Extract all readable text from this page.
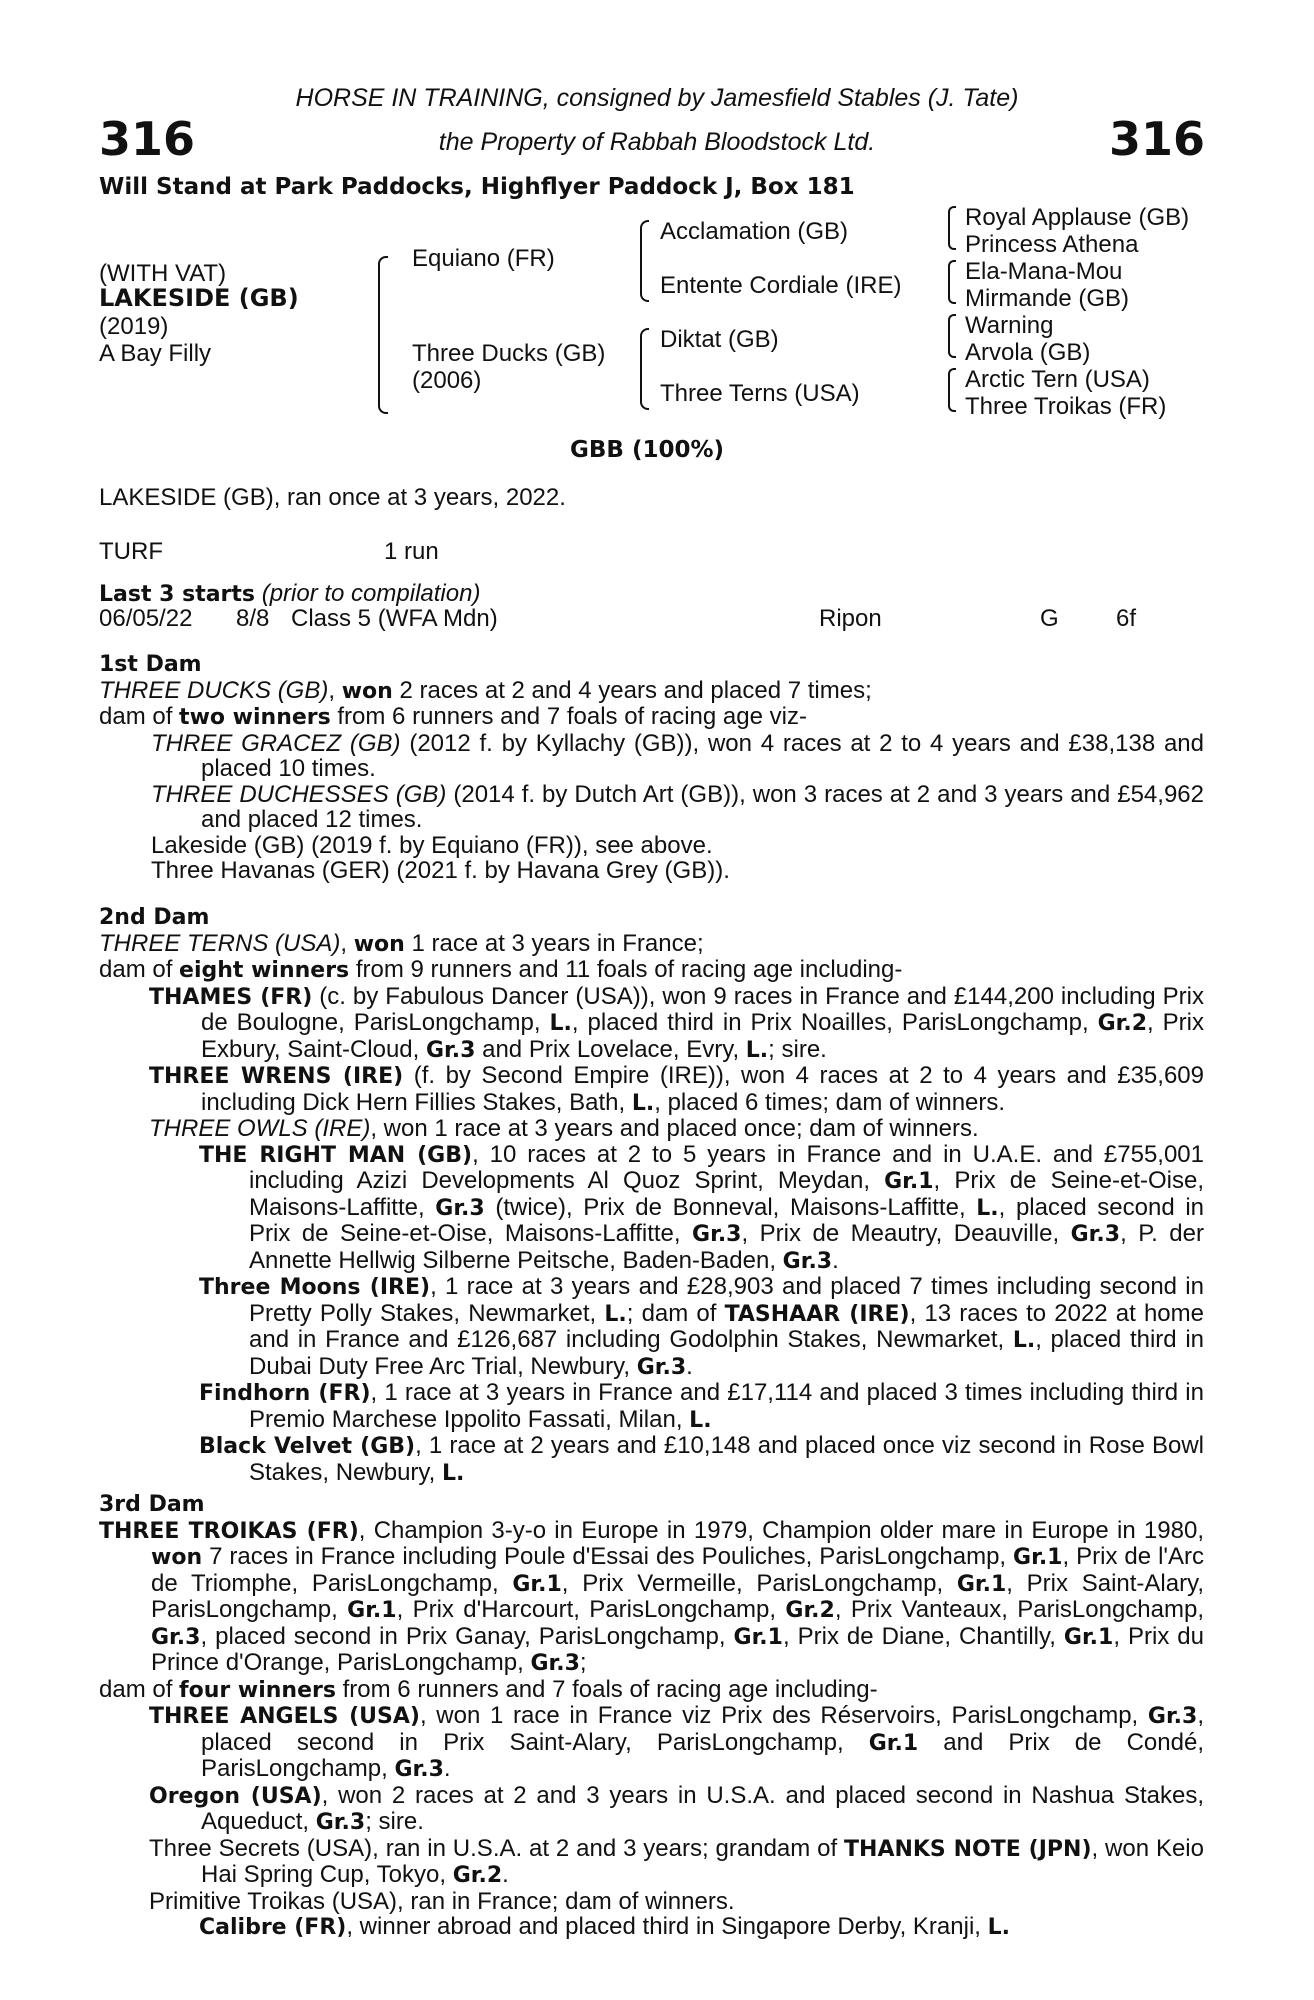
316	316
HORSE IN TRAINING, consigned by Jamesfield Stables (J. Tate)
the Property of Rabbah Bloodstock Ltd.
Will Stand at Park Paddocks, Highflyer Paddock J, Box 181
(WITH VAT)
LAKESIDE (GB)
(2019)
A Bay Filly
Equiano (FR)
Three Ducks (GB)
(2006)
Acclamation (GB)
Entente Cordiale (IRE)
Diktat (GB)
Three Terns (USA)
Royal Applause (GB)
Princess Athena
Ela-Mana-Mou
Mirmande (GB)
Warning
Arvola (GB)
Arctic Tern (USA)
Three Troikas (FR)
GBB (100%)
LAKESIDE (GB), ran once at 3 years, 2022.
TURF	1 run
Last 3 starts (prior to compilation)
06/05/22 8/8 Class 5 (WFA Mdn)	Ripon	G 6f

1st Dam

THREE DUCKS (GB), won 2 races at 2 and 4 years and placed 7 times;

dam of two winners from 6 runners and 7 foals of racing age viz-

THREE GRACEZ (GB) (2012 f. by Kyllachy (GB)), won 4 races at 2 to 4 years and £38,138 and placed 10 times.

THREE DUCHESSES (GB) (2014 f. by Dutch Art (GB)), won 3 races at 2 and 3 years and £54,962 and placed 12 times.

Lakeside (GB) (2019 f. by Equiano (FR)), see above.

Three Havanas (GER) (2021 f. by Havana Grey (GB)).

2nd Dam

THREE TERNS (USA), won 1 race at 3 years in France;

dam of eight winners from 9 runners and 11 foals of racing age including-

THAMES (FR) (c. by Fabulous Dancer (USA)), won 9 races in France and £144,200 including Prix de Boulogne, ParisLongchamp, L., placed third in Prix Noailles, ParisLongchamp, Gr.2, Prix Exbury, Saint-Cloud, Gr.3 and Prix Lovelace, Evry, L.; sire.

THREE WRENS (IRE) (f. by Second Empire (IRE)), won 4 races at 2 to 4 years and £35,609 including Dick Hern Fillies Stakes, Bath, L., placed 6 times; dam of winners.

THREE OWLS (IRE), won 1 race at 3 years and placed once; dam of winners.

THE RIGHT MAN (GB), 10 races at 2 to 5 years in France and in U.A.E. and £755,001 including Azizi Developments Al Quoz Sprint, Meydan, Gr.1, Prix de Seine-et-Oise, Maisons-Laffitte, Gr.3 (twice), Prix de Bonneval, Maisons-Laffitte, L., placed second in Prix de Seine-et-Oise, Maisons-Laffitte, Gr.3, Prix de Meautry, Deauville, Gr.3, P. der Annette Hellwig Silberne Peitsche, Baden-Baden, Gr.3.

Three Moons (IRE), 1 race at 3 years and £28,903 and placed 7 times including second in Pretty Polly Stakes, Newmarket, L.; dam of TASHAAR (IRE), 13 races to 2022 at home and in France and £126,687 including Godolphin Stakes, Newmarket, L., placed third in Dubai Duty Free Arc Trial, Newbury, Gr.3.

Findhorn (FR), 1 race at 3 years in France and £17,114 and placed 3 times including third in Premio Marchese Ippolito Fassati, Milan, L.

Black Velvet (GB), 1 race at 2 years and £10,148 and placed once viz second in Rose Bowl Stakes, Newbury, L.

3rd Dam

THREE TROIKAS (FR), Champion 3-y-o in Europe in 1979, Champion older mare in Europe in 1980, won 7 races in France including Poule d'Essai des Pouliches, ParisLongchamp, Gr.1, Prix de l'Arc de Triomphe, ParisLongchamp, Gr.1, Prix Vermeille, ParisLongchamp, Gr.1, Prix Saint-Alary, ParisLongchamp, Gr.1, Prix d'Harcourt, ParisLongchamp, Gr.2, Prix Vanteaux, ParisLongchamp, Gr.3, placed second in Prix Ganay, ParisLongchamp, Gr.1, Prix de Diane, Chantilly, Gr.1, Prix du Prince d'Orange, ParisLongchamp, Gr.3;

dam of four winners from 6 runners and 7 foals of racing age including-

THREE ANGELS (USA), won 1 race in France viz Prix des Réservoirs, ParisLongchamp, Gr.3, placed second in Prix Saint-Alary, ParisLongchamp, Gr.1 and Prix de Condé, ParisLongchamp, Gr.3.

Oregon (USA), won 2 races at 2 and 3 years in U.S.A. and placed second in Nashua Stakes, Aqueduct, Gr.3; sire.

Three Secrets (USA), ran in U.S.A. at 2 and 3 years; grandam of THANKS NOTE (JPN), won Keio Hai Spring Cup, Tokyo, Gr.2.

Primitive Troikas (USA), ran in France; dam of winners.

Calibre (FR), winner abroad and placed third in Singapore Derby, Kranji, L.
